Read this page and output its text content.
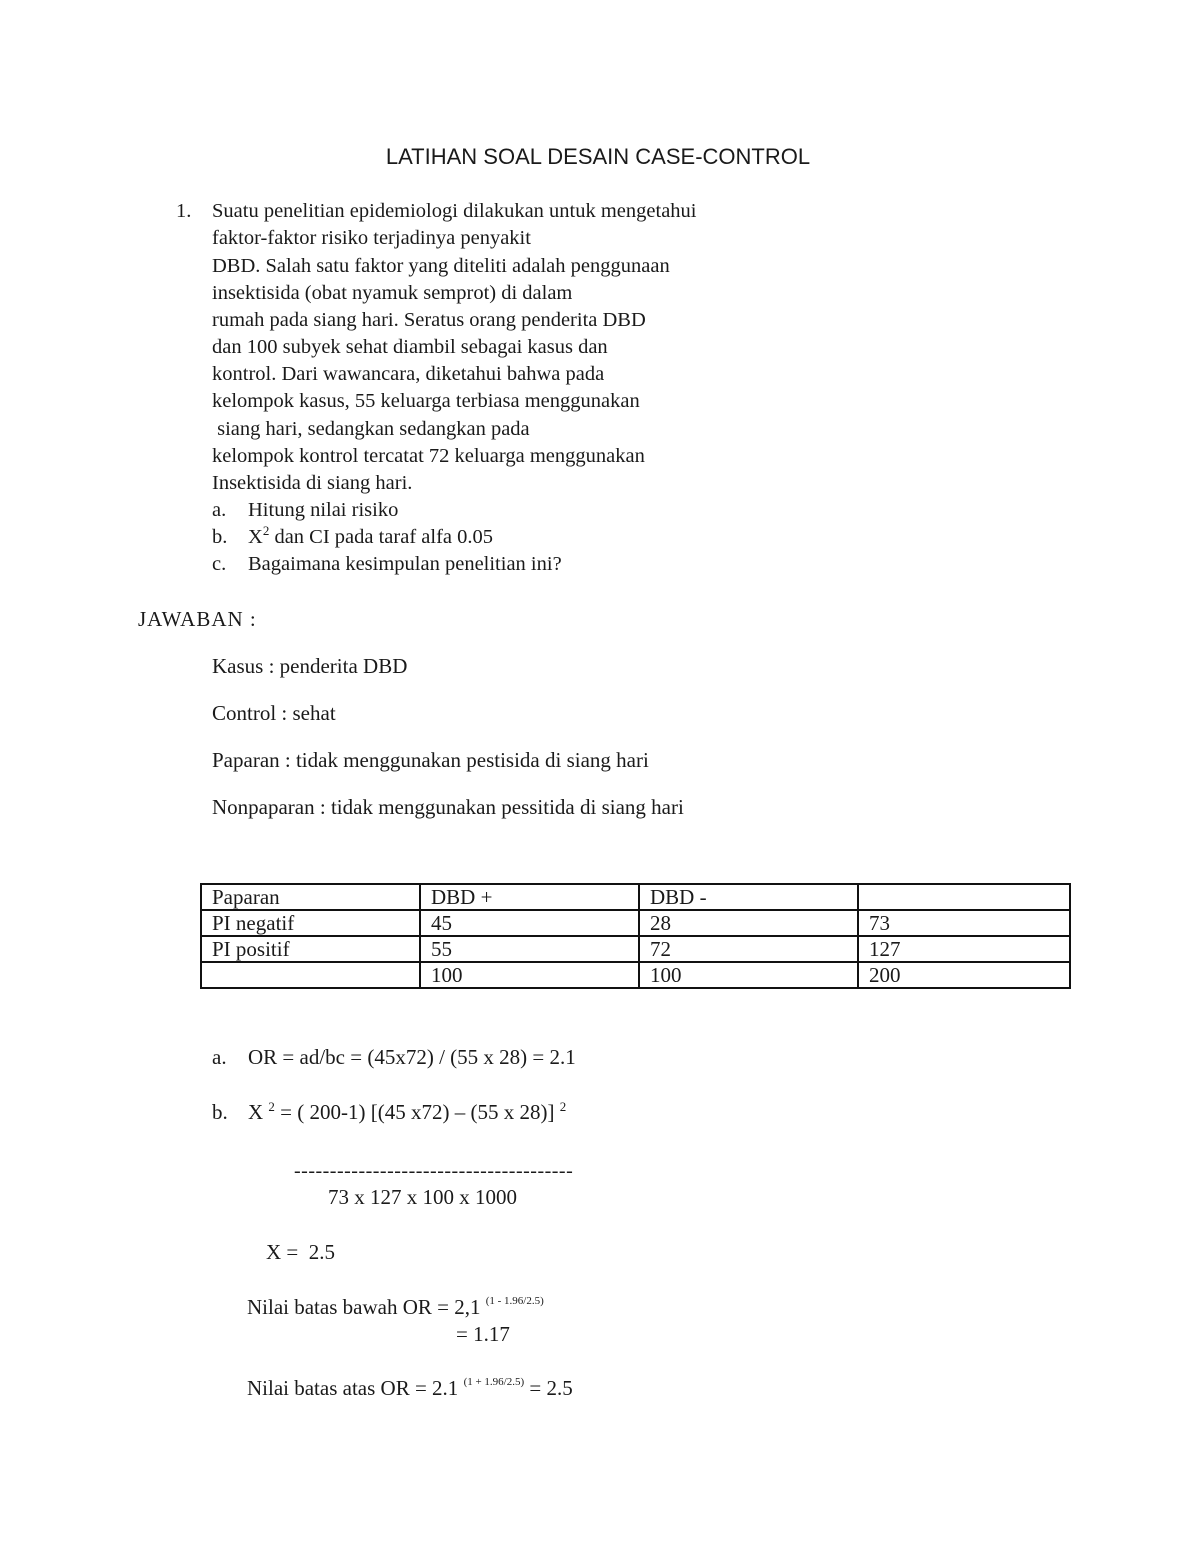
LATIHAN SOAL DESAIN CASE-CONTROL
1. Suatu penelitian epidemiologi dilakukan untuk mengetahui
faktor-faktor risiko terjadinya penyakit
DBD. Salah satu faktor yang diteliti adalah penggunaan
insektisida (obat nyamuk semprot) di dalam
rumah pada siang hari. Seratus orang penderita DBD
dan 100 subyek sehat diambil sebagai kasus dan
kontrol. Dari wawancara, diketahui bahwa pada
kelompok kasus, 55 keluarga terbiasa menggunakan
siang hari, sedangkan sedangkan pada
kelompok kontrol tercatat 72 keluarga menggunakan
Insektisida di siang hari.
a. Hitung nilai risiko
b. $X^2$ dan CI pada taraf alfa 0.05
c. Bagaimana kesimpulan penelitian ini?
JAWABAN :
Kasus : penderita DBD
Control : sehat
Paparan : tidak menggunakan pestisida di siang hari
Nonpaparan : tidak menggunakan pessitida di siang hari
Paparan	DBD +	DBD -	
PI negatif	45	28	73
PI positif	55	72	127
	100	100	200
a. OR = ad/bc = (45x72) / (55 x 28) = 2.1
b. X $^2$ = ( 200-1) [(45 x72) – (55 x 28)] $^2$
---------------------------------------
73 x 127 x 100 x 1000
X =  2.5
Nilai batas bawah OR = 2,1 $^{(1 - 1.96/2.5)}$
= 1.17
Nilai batas atas OR = 2.1 $^{(1 + 1.96/2.5)}$ = 2.5
